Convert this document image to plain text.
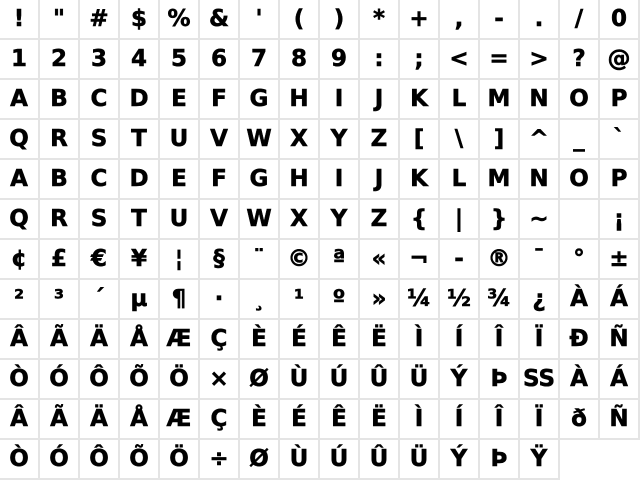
! " # $ % & ' ( ) * + , - . / 0
1 2 3 4 5 6 7 8 9 : ; < = > ? @
A B C D E F G H I J K L M N O P
Q R S T U V W X Y Z [ \ ] ^ _ `
A B C D E F G H I J K L M N O P
Q R S T U V W X Y Z { | } ~	¡
¢ £ € ¥ ¦ § ¨ © ª « ¬ - ® ¯ ° ±
² ³ ´ µ ¶ · ¸ ¹ º » ¼ ½ ¾ ¿ À Á
Â Ã Ä Å Æ Ç È É Ê Ë Ì Í Î Ï Ð Ñ
Ò Ó Ô Õ Ö × Ø Ù Ú Û Ü Ý Þ SS À Á
Â Ã Ä Å Æ Ç È É Ê Ë Ì Í Î Ï ð Ñ
Ò Ó Ô Õ Ö ÷ Ø Ù Ú Û Ü Ý Þ Ÿ
